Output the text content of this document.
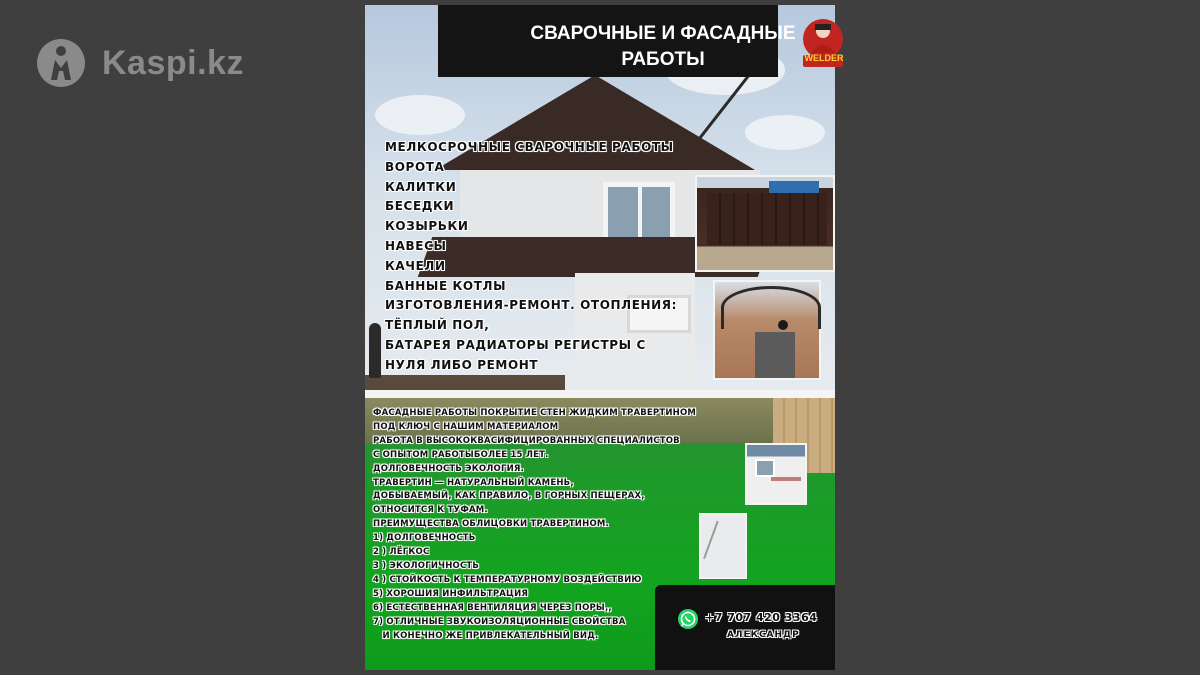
Kaspi.kz
СВАРОЧНЫЕ И ФАСАДНЫЕ РАБОТЫ	WELDER
МЕЛКОСРОЧНЫЕ СВАРОЧНЫЕ РАБОТЫ
ВОРОТА
КАЛИТКИ
БЕСЕДКИ
КОЗЫРЬКИ
НАВЕСЫ
КАЧЕЛИ
БАННЫЕ КОТЛЫ
ИЗГОТОВЛЕНИЯ-РЕМОНТ. ОТОПЛЕНИЯ:
ТЁПЛЫЙ ПОЛ,
БАТАРЕЯ РАДИАТОРЫ РЕГИСТРЫ С
НУЛЯ ЛИБО РЕМОНТ
ФАСАДНЫЕ РАБОТЫ ПОКРЫТИЕ СТЕН ЖИДКИМ ТРАВЕРТИНОМ
ПОД КЛЮЧ С НАШИМ МАТЕРИАЛОМ
РАБОТА В ВЫСОКОКВАСИФИЦИРОВАННЫХ СПЕЦИАЛИСТОВ
С ОПЫТОМ РАБОТЫБОЛЕЕ 15 ЛЕТ.
ДОЛГОВЕЧНОСТЬ ЭКОЛОГИЯ.
ТРАВЕРТИН — НАТУРАЛЬНЫЙ КАМЕНЬ,
ДОБЫВАЕМЫЙ, КАК ПРАВИЛО, В ГОРНЫХ ПЕЩЕРАХ,
ОТНОСИТСЯ К ТУФАМ.
ПРЕИМУЩЕСТВА ОБЛИЦОВКИ ТРАВЕРТИНОМ.
1) ДОЛГОВЕЧНОСТЬ
2 ) ЛЁГКОС
3 ) ЭКОЛОГИЧНОСТЬ
4 ) СТОЙКОСТЬ К ТЕМПЕРАТУРНОМУ ВОЗДЕЙСТВИЮ
5) ХОРОШИЯ ИНФИЛЬТРАЦИЯ
6) ЕСТЕСТВЕННАЯ ВЕНТИЛЯЦИЯ ЧЕРЕЗ ПОРЫ,,
7) ОТЛИЧНЫЕ ЗВУКОИЗОЛЯЦИОННЫЕ СВОЙСТВА
И КОНЕЧНО ЖЕ ПРИВЛЕКАТЕЛЬНЫЙ ВИД.
+7 707 420 3364
АЛЕКСАНДР
